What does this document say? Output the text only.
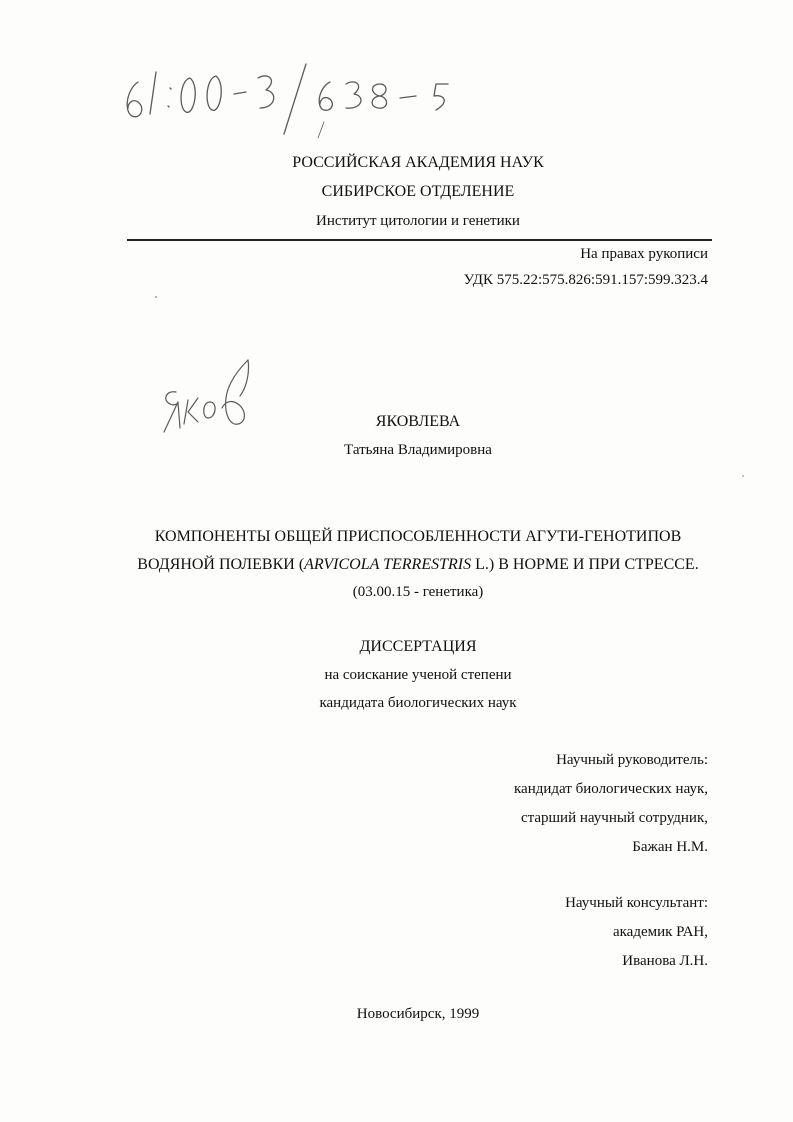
РОССИЙСКАЯ АКАДЕМИЯ НАУК
СИБИРСКОЕ ОТДЕЛЕНИЕ
Институт цитологии и генетики
На правах рукописи
УДК 575.22:575.826:591.157:599.323.4
ЯКОВЛЕВА
Татьяна Владимировна
КОМПОНЕНТЫ ОБЩЕЙ ПРИСПОСОБЛЕННОСТИ АГУТИ-ГЕНОТИПОВ
ВОДЯНОЙ ПОЛЕВКИ (ARVICOLA TERRESTRIS L.) В НОРМЕ И ПРИ СТРЕССЕ.
(03.00.15 - генетика)
ДИССЕРТАЦИЯ
на соискание ученой степени
кандидата биологических наук
Научный руководитель:
кандидат биологических наук,
старший научный сотрудник,
Бажан Н.М.
Научный консультант:
академик РАН,
Иванова Л.Н.
Новосибирск, 1999
